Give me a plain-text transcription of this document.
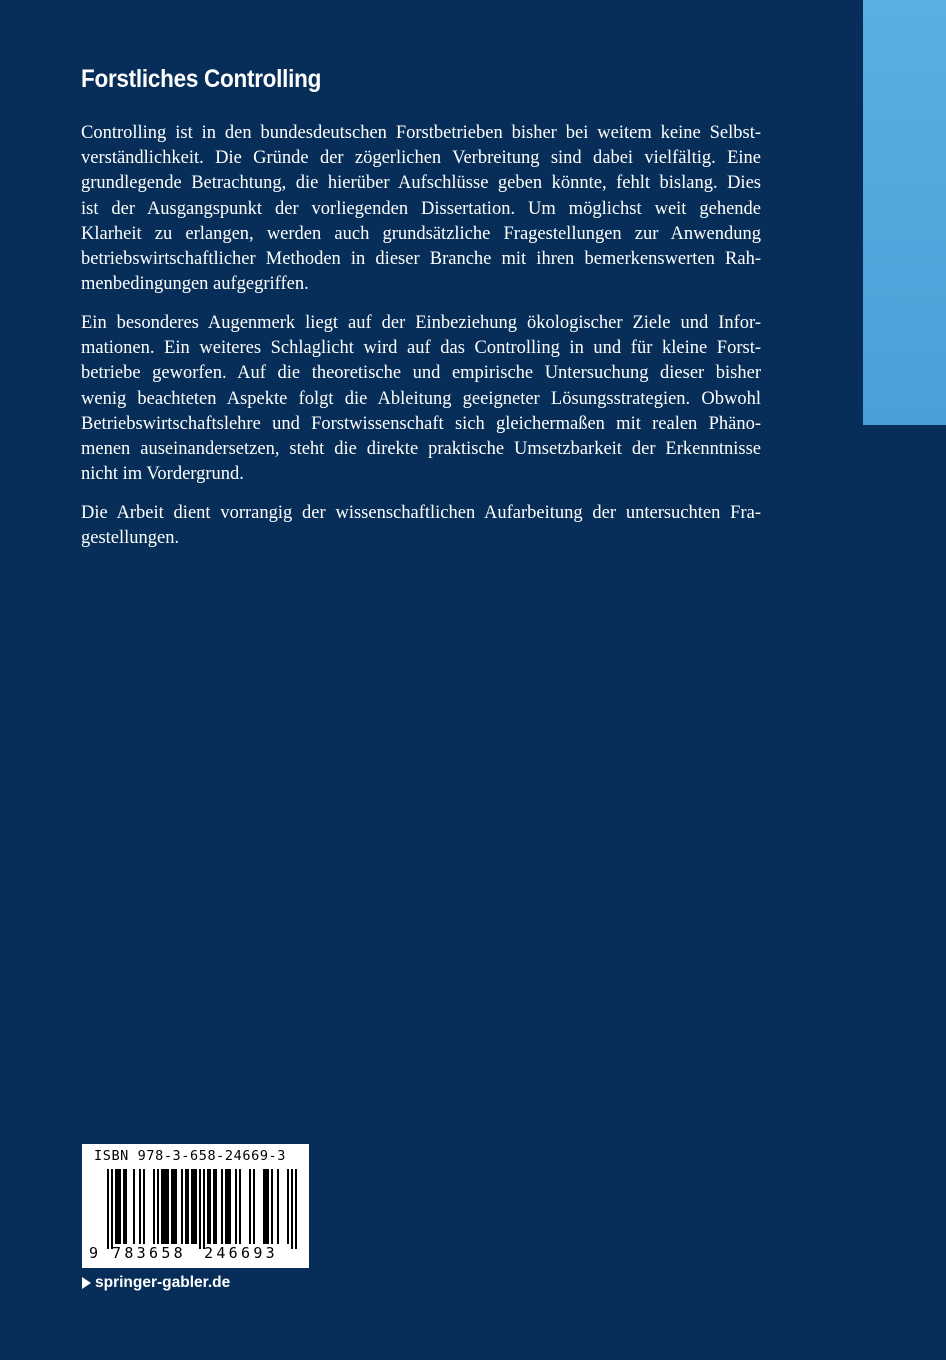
Forstliches Controlling

Controlling ist in den bundesdeutschen Forstbetrieben bisher bei weitem keine Selbst-
verständlichkeit. Die Gründe der zögerlichen Verbreitung sind dabei vielfältig. Eine
grundlegende Betrachtung, die hierüber Aufschlüsse geben könnte, fehlt bislang. Dies
ist der Ausgangspunkt der vorliegenden Dissertation. Um möglichst weit gehende
Klarheit zu erlangen, werden auch grundsätzliche Fragestellungen zur Anwendung
betriebswirtschaftlicher Methoden in dieser Branche mit ihren bemerkenswerten Rah-
menbedingungen aufgegriffen.

Ein besonderes Augenmerk liegt auf der Einbeziehung ökologischer Ziele und Infor-
mationen. Ein weiteres Schlaglicht wird auf das Controlling in und für kleine Forst-
betriebe geworfen. Auf die theoretische und empirische Untersuchung dieser bisher
wenig beachteten Aspekte folgt die Ableitung geeigneter Lösungsstrategien. Obwohl
Betriebswirtschaftslehre und Forstwissenschaft sich gleichermaßen mit realen Phäno-
menen auseinandersetzen, steht die direkte praktische Umsetzbarkeit der Erkenntnisse
nicht im Vordergrund.

Die Arbeit dient vorrangig der wissenschaftlichen Aufarbeitung der untersuchten Fra-
gestellungen.

ISBN 978-3-658-24669-3
9 783658 246693
springer-gabler.de
